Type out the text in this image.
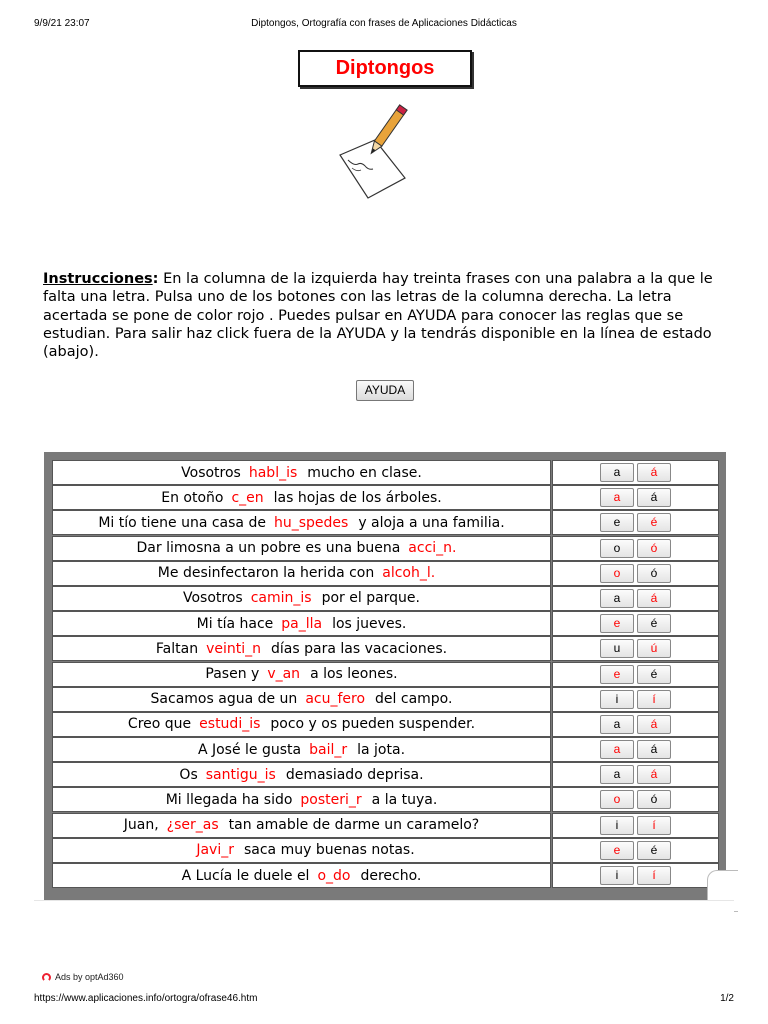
9/9/21 23:07	Diptongos, Ortografía con frases de Aplicaciones Didácticas
Diptongos
Instrucciones: En la columna de la izquierda hay treinta frases con una palabra a la que le falta una letra. Pulsa uno de los botones con las letras de la columna derecha. La letra acertada se pone de color rojo . Puedes pulsar en AYUDA para conocer las reglas que se estudian. Para salir haz click fuera de la AYUDA y la tendrás disponible en la línea de estado (abajo).
AYUDA
Vosotros habl_is mucho en clase.	a	á
En otoño c_en las hojas de los árboles.	a	á
Mi tío tiene una casa de hu_spedes y aloja a una familia.	e	é
Dar limosna a un pobre es una buena acci_n.	o	ó
Me desinfectaron la herida con alcoh_l.	o	ó
Vosotros camin_is por el parque.	a	á
Mi tía hace pa_lla los jueves.	e	é
Faltan veinti_n días para las vacaciones.	u	ú
Pasen y v_an a los leones.	e	é
Sacamos agua de un acu_fero del campo.	i	í
Creo que estudi_is poco y os pueden suspender.	a	á
A José le gusta bail_r la jota.	a	á
Os santigu_is demasiado deprisa.	a	á
Mi llegada ha sido posteri_r a la tuya.	o	ó
Juan, ¿ser_as tan amable de darme un caramelo?	i	í
Javi_r saca muy buenas notas.	e	é
A Lucía le duele el o_do derecho.	i	í
Ads by optAd360
https://www.aplicaciones.info/ortogra/ofrase46.htm	1/2
